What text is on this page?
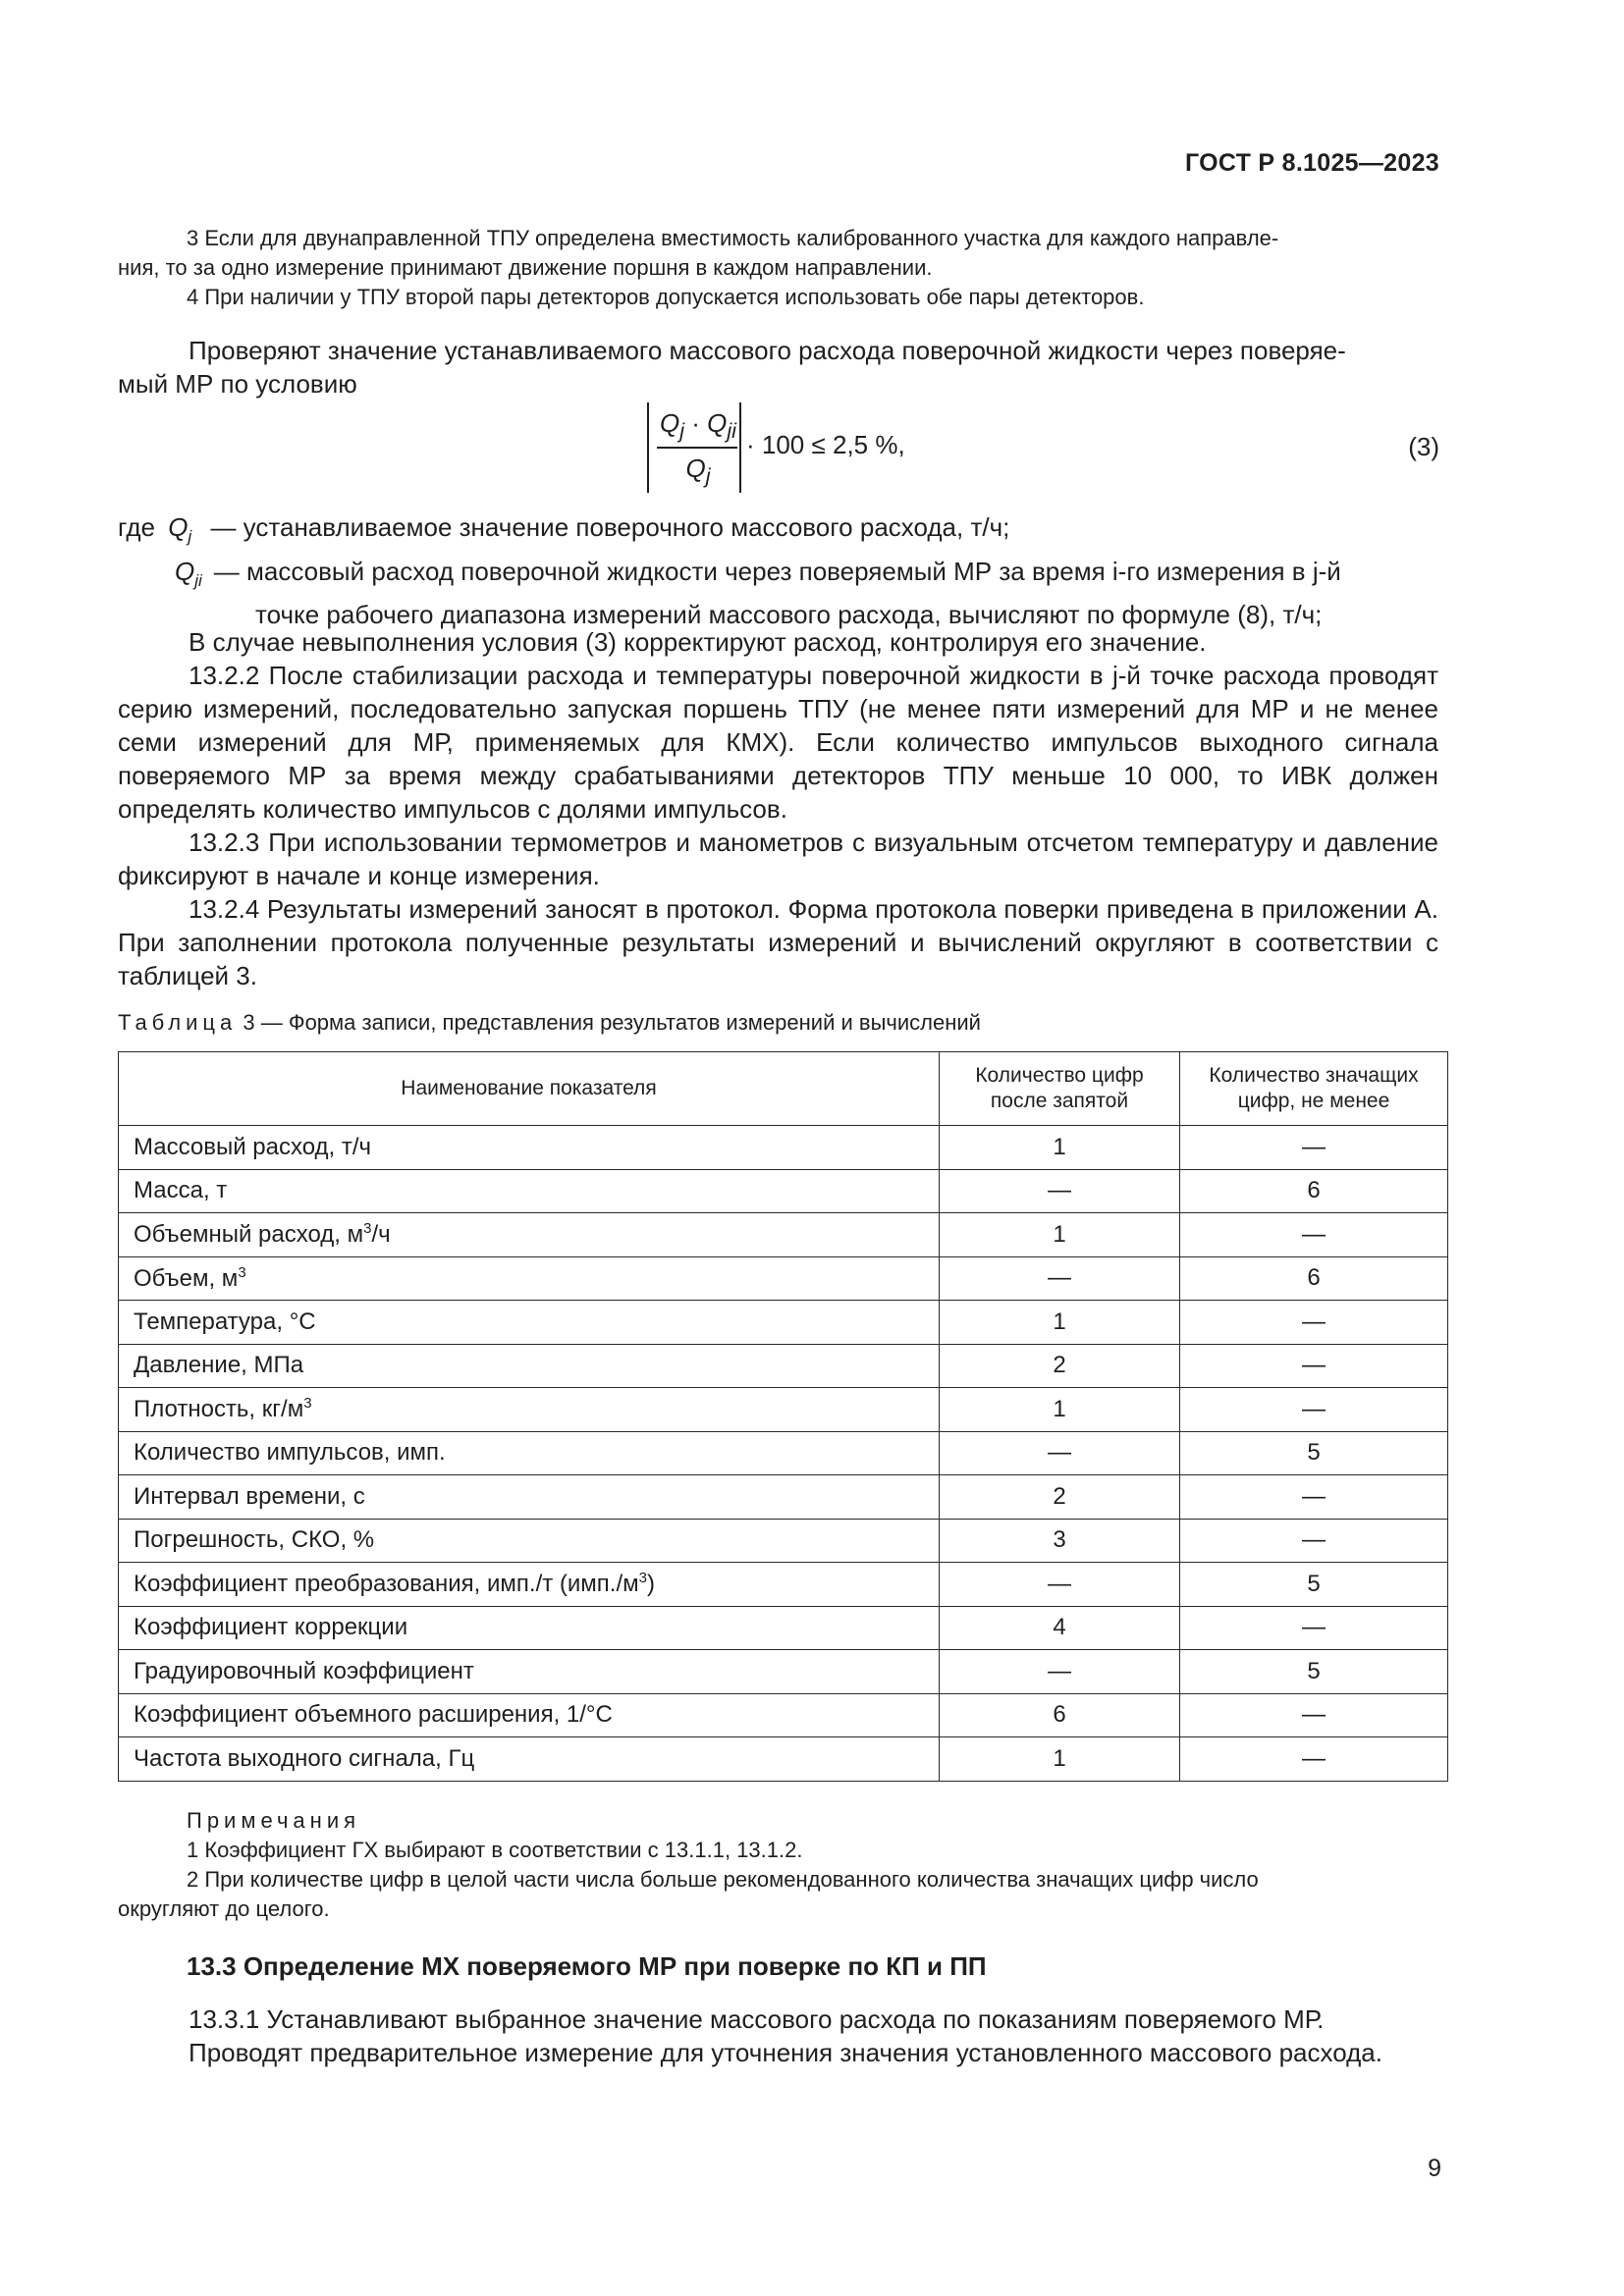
ГОСТ Р 8.1025—2023
3 Если для двунаправленной ТПУ определена вместимость калиброванного участка для каждого направле-
ния, то за одно измерение принимают движение поршня в каждом направлении.
4 При наличии у ТПУ второй пары детекторов допускается использовать обе пары детекторов.

Проверяют значение устанавливаемого массового расхода поверочной жидкости через поверяе-

мый МР по условию

$Q_j \cdot Q_{ji}$
$Q_j$
· 100 ≤ 2,5 %,	(3)
где $Q_j$ — устанавливаемое значение поверочного массового расхода, т/ч;
$Q_{ji}$ — массовый расход поверочной жидкости через поверяемый МР за время i-го измерения в j-й
точке рабочего диапазона измерений массового расхода, вычисляют по формуле (8), т/ч;

В случае невыполнения условия (3) корректируют расход, контролируя его значение.

13.2.2 После стабилизации расхода и температуры поверочной жидкости в j-й точке расхода проводят серию измерений, последовательно запуская поршень ТПУ (не менее пяти измерений для МР и не менее семи измерений для МР, применяемых для КМХ). Если количество импульсов выходного сигнала поверяемого МР за время между срабатываниями детекторов ТПУ меньше 10 000, то ИВК должен определять количество импульсов с долями импульсов.

13.2.3 При использовании термометров и манометров с визуальным отсчетом температуру и давление фиксируют в начале и конце измерения.

13.2.4 Результаты измерений заносят в протокол. Форма протокола поверки приведена в приложении А. При заполнении протокола полученные результаты измерений и вычислений округляют в соответствии с таблицей 3.

Таблица 3 — Форма записи, представления результатов измерений и вычислений
Наименование показателя	Количество цифр после запятой	Количество значащих цифр, не менее
Массовый расход, т/ч	1	—
Масса, т	—	6
Объемный расход, $м^3/ч$	1	—
Объем, $м^3$	—	6
Температура, °С	1	—
Давление, МПа	2	—
Плотность, $кг/м^3$	1	—
Количество импульсов, имп.	—	5
Интервал времени, с	2	—
Погрешность, СКО, %	3	—
Коэффициент преобразования, имп./т $(имп./м^3)$	—	5
Коэффициент коррекции	4	—
Градуировочный коэффициент	—	5
Коэффициент объемного расширения, 1/°С	6	—
Частота выходного сигнала, Гц	1	—
Примечания
1 Коэффициент ГХ выбирают в соответствии с 13.1.1, 13.1.2.
2 При количестве цифр в целой части числа больше рекомендованного количества значащих цифр число
округляют до целого.
13.3 Определение МХ поверяемого МР при поверке по КП и ПП

13.3.1 Устанавливают выбранное значение массового расхода по показаниям поверяемого МР.

Проводят предварительное измерение для уточнения значения установленного массового расхода.

9
